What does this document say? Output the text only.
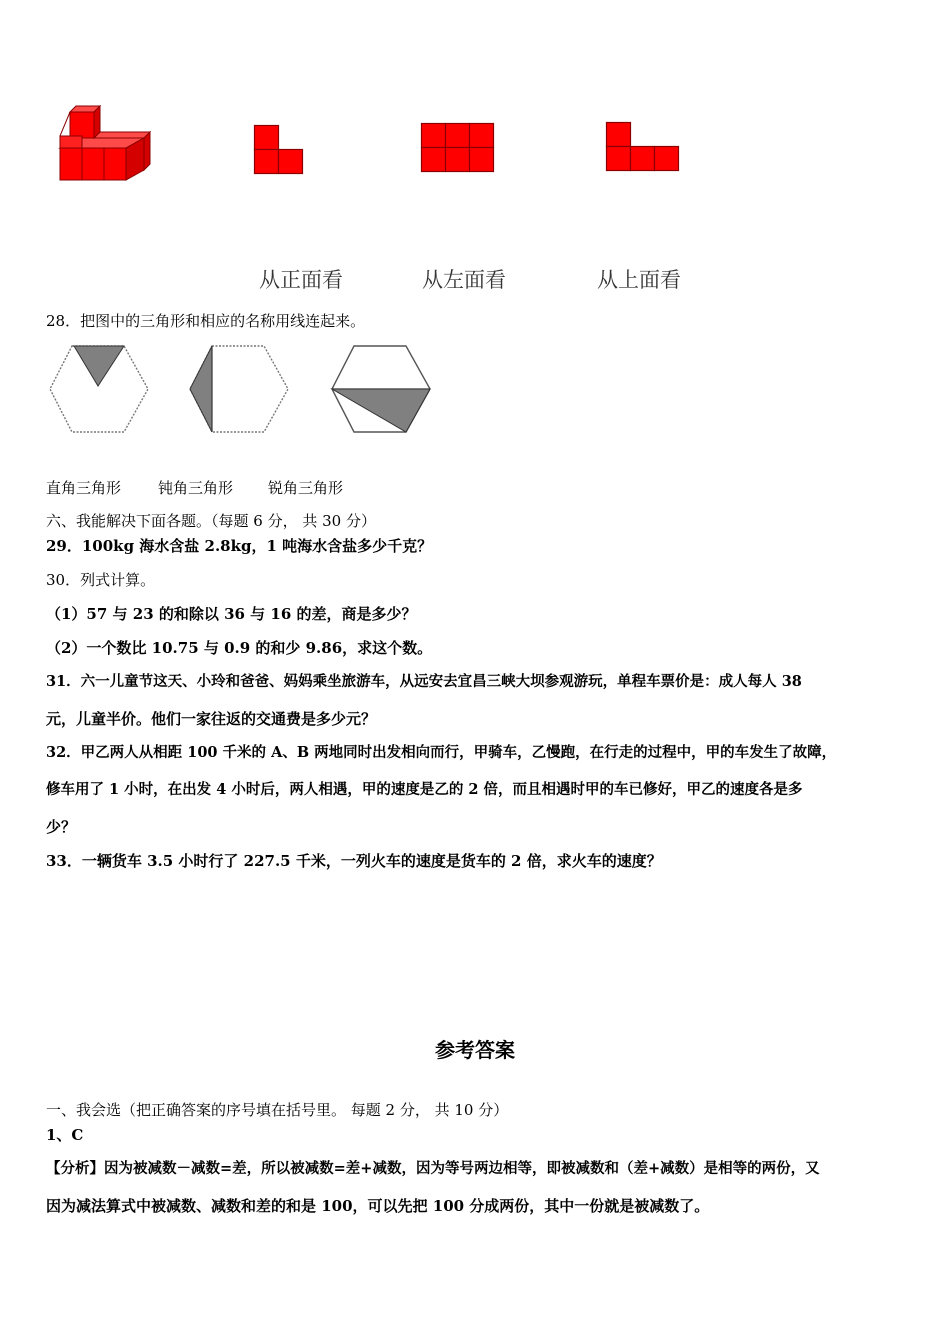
从正面看	从左面看	从上面看
28．把图中的三角形和相应的名称用线连起来。
直角三角形 钝角三角形 锐角三角形
六、我能解决下面各题。（每题 6 分， 共 30 分）
29．100kg 海水含盐 2.8kg，1 吨海水含盐多少千克？
30．列式计算。
（1）57 与 23 的和除以 36 与 16 的差，商是多少？
（2）一个数比 10.75 与 0.9 的和少 9.86，求这个数。
31．六一儿童节这天、小玲和爸爸、妈妈乘坐旅游车，从远安去宜昌三峡大坝参观游玩，单程车票价是：成人每人 38
元，儿童半价。他们一家往返的交通费是多少元？
32．甲乙两人从相距 100 千米的 A、B 两地同时出发相向而行，甲骑车，乙慢跑，在行走的过程中，甲的车发生了故障，
修车用了 1 小时，在出发 4 小时后，两人相遇，甲的速度是乙的 2 倍，而且相遇时甲的车已修好，甲乙的速度各是多
少？
33．一辆货车 3.5 小时行了 227.5 千米，一列火车的速度是货车的 2 倍，求火车的速度？
参考答案
一、我会选（把正确答案的序号填在括号里。 每题 2 分， 共 10 分）
1、C
【分析】因为被减数－减数=差，所以被减数=差+减数，因为等号两边相等，即被减数和（差+减数）是相等的两份，又
因为减法算式中被减数、减数和差的和是 100，可以先把 100 分成两份，其中一份就是被减数了。
